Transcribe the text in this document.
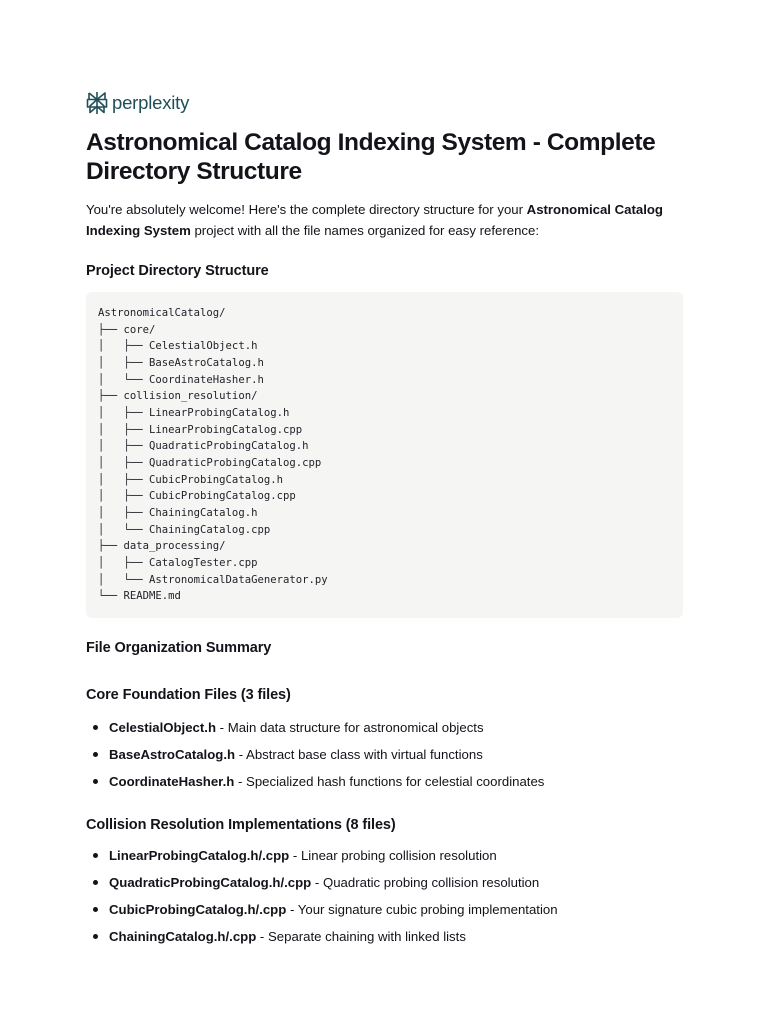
perplexity
Astronomical Catalog Indexing System - Complete Directory Structure

You're absolutely welcome! Here's the complete directory structure for your Astronomical Catalog Indexing System project with all the file names organized for easy reference:

Project Directory Structure
AstronomicalCatalog/
├── core/
│   ├── CelestialObject.h
│   ├── BaseAstroCatalog.h
│   └── CoordinateHasher.h
├── collision_resolution/
│   ├── LinearProbingCatalog.h
│   ├── LinearProbingCatalog.cpp
│   ├── QuadraticProbingCatalog.h
│   ├── QuadraticProbingCatalog.cpp
│   ├── CubicProbingCatalog.h
│   ├── CubicProbingCatalog.cpp
│   ├── ChainingCatalog.h
│   └── ChainingCatalog.cpp
├── data_processing/
│   ├── CatalogTester.cpp
│   └── AstronomicalDataGenerator.py
└── README.md
File Organization Summary
Core Foundation Files (3 files)
CelestialObject.h - Main data structure for astronomical objects
BaseAstroCatalog.h - Abstract base class with virtual functions
CoordinateHasher.h - Specialized hash functions for celestial coordinates
Collision Resolution Implementations (8 files)
LinearProbingCatalog.h/.cpp - Linear probing collision resolution
QuadraticProbingCatalog.h/.cpp - Quadratic probing collision resolution
CubicProbingCatalog.h/.cpp - Your signature cubic probing implementation
ChainingCatalog.h/.cpp - Separate chaining with linked lists
